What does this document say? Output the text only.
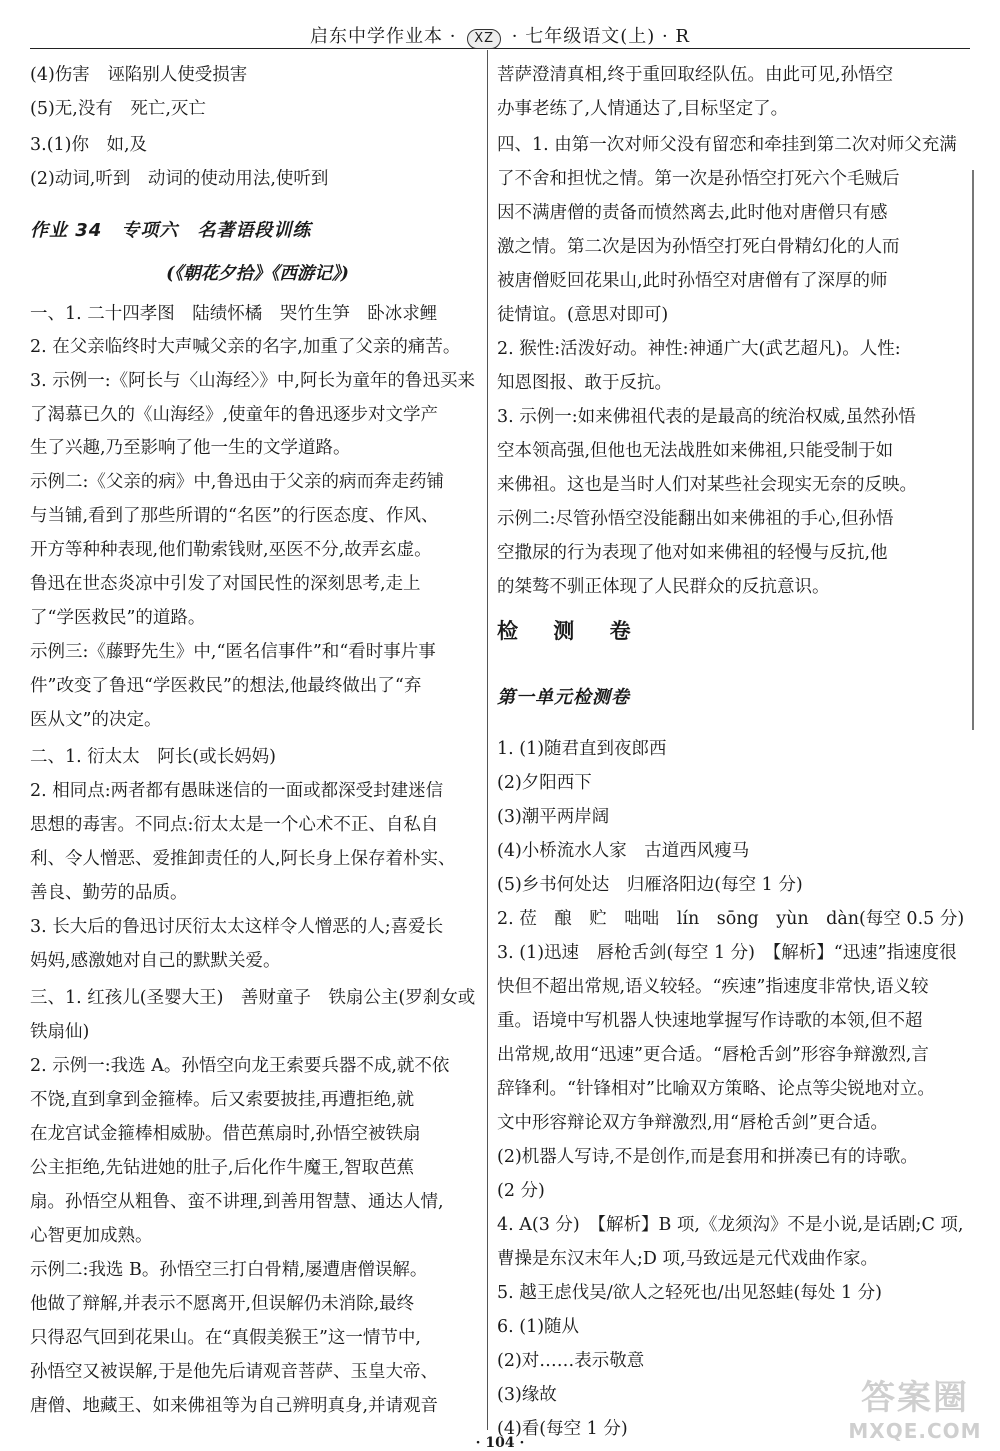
启东中学作业本 · XZ · 七年级语文(上) · R
(4)伤害　诬陷别人使受损害
(5)无,没有　死亡,灭亡
3.(1)你　如,及
(2)动词,听到　动词的使动用法,使听到
作业 34　专项六　名著语段训练
(《朝花夕拾》《西游记》)
一、1. 二十四孝图　陆绩怀橘　哭竹生笋　卧冰求鲤
2. 在父亲临终时大声喊父亲的名字,加重了父亲的痛苦。
3. 示例一:《阿长与〈山海经〉》中,阿长为童年的鲁迅买来
了渴慕已久的《山海经》,使童年的鲁迅逐步对文学产
生了兴趣,乃至影响了他一生的文学道路。
示例二:《父亲的病》中,鲁迅由于父亲的病而奔走药铺
与当铺,看到了那些所谓的“名医”的行医态度、作风、
开方等种种表现,他们勒索钱财,巫医不分,故弄玄虚。
鲁迅在世态炎凉中引发了对国民性的深刻思考,走上
了“学医救民”的道路。
示例三:《藤野先生》中,“匿名信事件”和“看时事片事
件”改变了鲁迅“学医救民”的想法,他最终做出了“弃
医从文”的决定。
二、1. 衍太太　阿长(或长妈妈)
2. 相同点:两者都有愚昧迷信的一面或都深受封建迷信
思想的毒害。不同点:衍太太是一个心术不正、自私自
利、令人憎恶、爱推卸责任的人,阿长身上保存着朴实、
善良、勤劳的品质。
3. 长大后的鲁迅讨厌衍太太这样令人憎恶的人;喜爱长
妈妈,感激她对自己的默默关爱。
三、1. 红孩儿(圣婴大王)　善财童子　铁扇公主(罗刹女或
铁扇仙)
2. 示例一:我选 A。孙悟空向龙王索要兵器不成,就不依
不饶,直到拿到金箍棒。后又索要披挂,再遭拒绝,就
在龙宫试金箍棒相威胁。借芭蕉扇时,孙悟空被铁扇
公主拒绝,先钻进她的肚子,后化作牛魔王,智取芭蕉
扇。孙悟空从粗鲁、蛮不讲理,到善用智慧、通达人情,
心智更加成熟。
示例二:我选 B。孙悟空三打白骨精,屡遭唐僧误解。
他做了辩解,并表示不愿离开,但误解仍未消除,最终
只得忍气回到花果山。在“真假美猴王”这一情节中,
孙悟空又被误解,于是他先后请观音菩萨、玉皇大帝、
唐僧、地藏王、如来佛祖等为自己辨明真身,并请观音
菩萨澄清真相,终于重回取经队伍。由此可见,孙悟空
办事老练了,人情通达了,目标坚定了。
四、1. 由第一次对师父没有留恋和牵挂到第二次对师父充满
了不舍和担忧之情。第一次是孙悟空打死六个毛贼后
因不满唐僧的责备而愤然离去,此时他对唐僧只有感
激之情。第二次是因为孙悟空打死白骨精幻化的人而
被唐僧贬回花果山,此时孙悟空对唐僧有了深厚的师
徒情谊。(意思对即可)
2. 猴性:活泼好动。神性:神通广大(武艺超凡)。人性:
知恩图报、敢于反抗。
3. 示例一:如来佛祖代表的是最高的统治权威,虽然孙悟
空本领高强,但他也无法战胜如来佛祖,只能受制于如
来佛祖。这也是当时人们对某些社会现实无奈的反映。
示例二:尽管孙悟空没能翻出如来佛祖的手心,但孙悟
空撒尿的行为表现了他对如来佛祖的轻慢与反抗,他
的桀骜不驯正体现了人民群众的反抗意识。
检 测 卷
第一单元检测卷
1. (1)随君直到夜郎西
(2)夕阳西下
(3)潮平两岸阔
(4)小桥流水人家　古道西风瘦马
(5)乡书何处达　归雁洛阳边(每空 1 分)
2. 莅　酿　贮　咄咄　lín　sōng　yùn　dàn(每空 0.5 分)
3. (1)迅速　唇枪舌剑(每空 1 分)　【解析】“迅速”指速度很
快但不超出常规,语义较轻。“疾速”指速度非常快,语义较
重。语境中写机器人快速地掌握写作诗歌的本领,但不超
出常规,故用“迅速”更合适。“唇枪舌剑”形容争辩激烈,言
辞锋利。“针锋相对”比喻双方策略、论点等尖锐地对立。
文中形容辩论双方争辩激烈,用“唇枪舌剑”更合适。
(2)机器人写诗,不是创作,而是套用和拼凑已有的诗歌。
(2 分)
4. A(3 分)　【解析】B 项,《龙须沟》不是小说,是话剧;C 项,
曹操是东汉末年人;D 项,马致远是元代戏曲作家。
5. 越王虑伐吴/欲人之轻死也/出见怒蛙(每处 1 分)
6. (1)随从
(2)对……表示敬意
(3)缘故
(4)看(每空 1 分)
· 104 ·
答案圈
MXQE.COM
